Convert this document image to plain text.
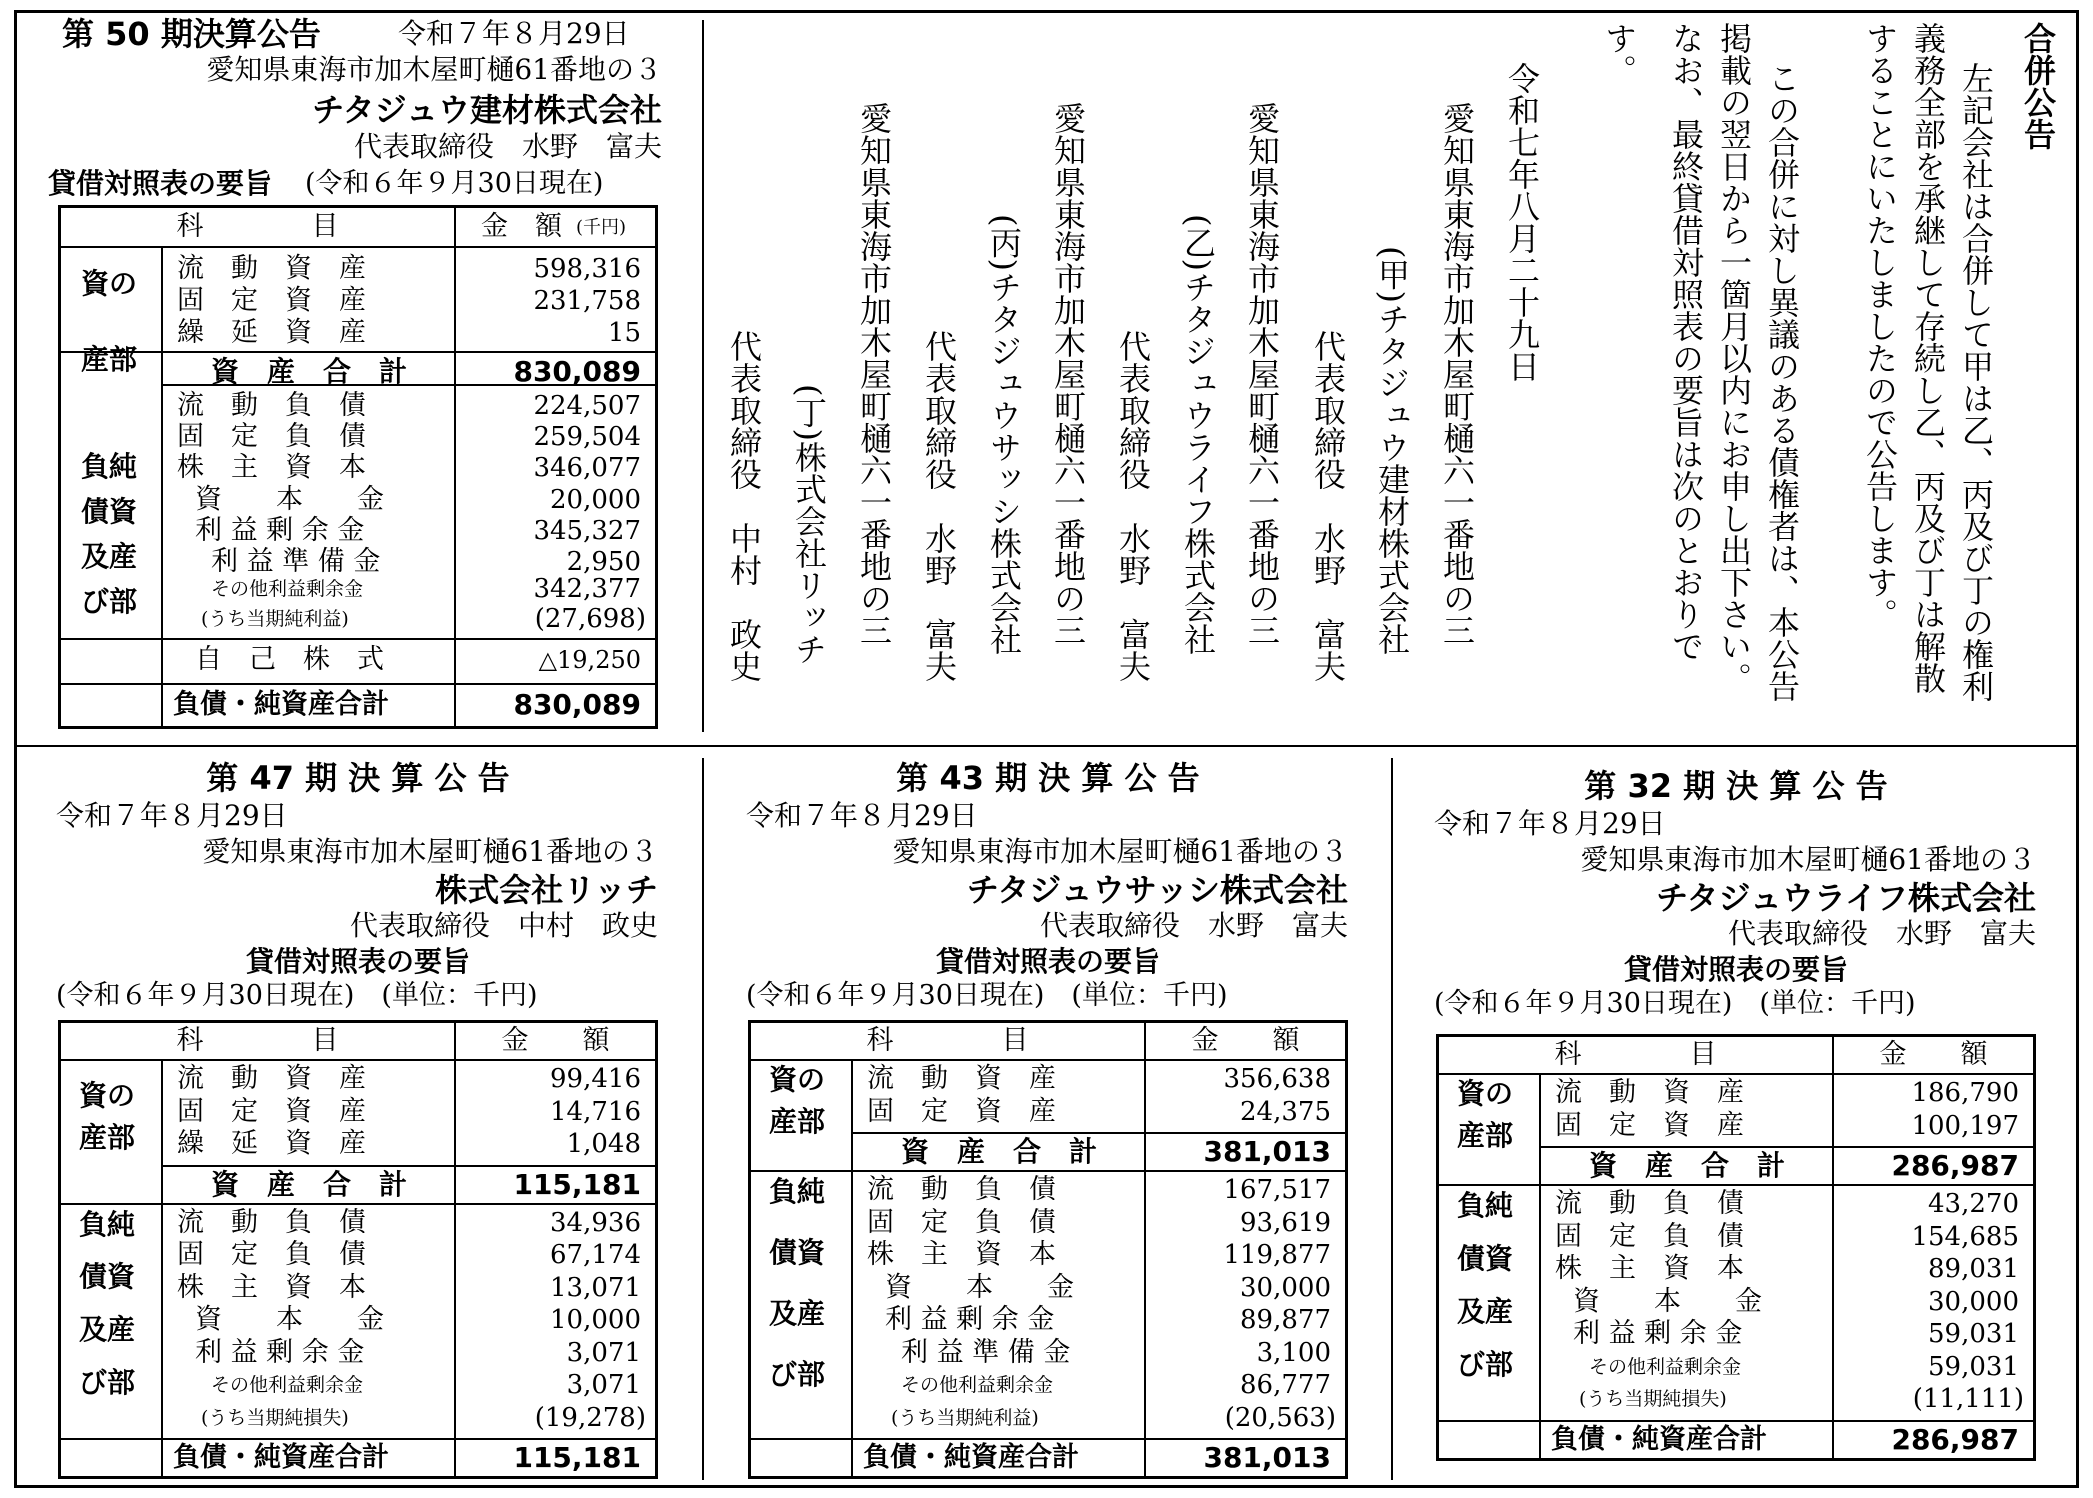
第 50 期決算公告	令和７年８月29日
愛知県東海市加木屋町樋61番地の３
チタジュウ建材株式会社
代表取締役　水野　富夫
貸借対照表の要旨 (令和６年９月30日現在)
科　　　　目	金　額 (千円)
資の
産部
流　動　資　産	598,316
固　定　資　産	231,758
繰　延　資　産	15
資　産　合　計	830,089
負純
債資
及産
び部
流　動　負　債	224,507
固　定　負　債	259,504
株　主　資　本	346,077
資　　本　　金	20,000
利 益 剰 余 金	345,327
利 益 準 備 金	2,950
その他利益剰余金	342,377
(うち当期純利益)	(27,698)
自　己　株　式	△19,250
負債・純資産合計	830,089
合併公告
左記会社は合併して甲は乙、丙及び丁の権利
義務全部を承継して存続し乙、丙及び丁は解散
することにいたしましたので公告します。
この合併に対し異議のある債権者は、本公告
掲載の翌日から一箇月以内にお申し出下さい。
なお、最終貸借対照表の要旨は次のとおりで
す。
令和七年八月二十九日
愛知県東海市加木屋町樋六一番地の三
(甲)チタジュウ建材株式会社
代表取締役　水野　富夫
愛知県東海市加木屋町樋六一番地の三
(乙)チタジュウライフ株式会社
代表取締役　水野　富夫
愛知県東海市加木屋町樋六一番地の三
(丙)チタジュウサッシ株式会社
代表取締役　水野　富夫
愛知県東海市加木屋町樋六一番地の三
(丁)株式会社リッチ
代表取締役　中村　政史
第 47 期 決 算 公 告
令和７年８月29日
愛知県東海市加木屋町樋61番地の３
株式会社リッチ
代表取締役　中村　政史
貸借対照表の要旨
(令和６年９月30日現在)　(単位：千円)
科　　　　目	金　　額
資の
産部
負純
債資
及産
び部
流　動　資　産	99,416
固　定　資　産	14,716
繰　延　資　産	1,048
資　産　合　計	115,181
流　動　負　債	34,936
固　定　負　債	67,174
株　主　資　本	13,071
資　　本　　金	10,000
利 益 剰 余 金	3,071
その他利益剰余金	3,071
(うち当期純損失)	(19,278)
負債・純資産合計	115,181
第 43 期 決 算 公 告
令和７年８月29日
愛知県東海市加木屋町樋61番地の３
チタジュウサッシ株式会社
代表取締役　水野　富夫
貸借対照表の要旨
(令和６年９月30日現在)　(単位：千円)
科　　　　目	金　　額
資の
産部
負純
債資
及産
び部
流　動　資　産	356,638
固　定　資　産	24,375
資　産　合　計	381,013
流　動　負　債	167,517
固　定　負　債	93,619
株　主　資　本	119,877
資　　本　　金	30,000
利 益 剰 余 金	89,877
利 益 準 備 金	3,100
その他利益剰余金	86,777
(うち当期純利益)	(20,563)
負債・純資産合計	381,013
第 32 期 決 算 公 告
令和７年８月29日
愛知県東海市加木屋町樋61番地の３
チタジュウライフ株式会社
代表取締役　水野　富夫
貸借対照表の要旨
(令和６年９月30日現在)　(単位：千円)
科　　　　目	金　　額
資の
産部
負純
債資
及産
び部
流　動　資　産	186,790
固　定　資　産	100,197
資　産　合　計	286,987
流　動　負　債	43,270
固　定　負　債	154,685
株　主　資　本	89,031
資　　本　　金	30,000
利 益 剰 余 金	59,031
その他利益剰余金	59,031
(うち当期純損失)	(11,111)
負債・純資産合計	286,987
